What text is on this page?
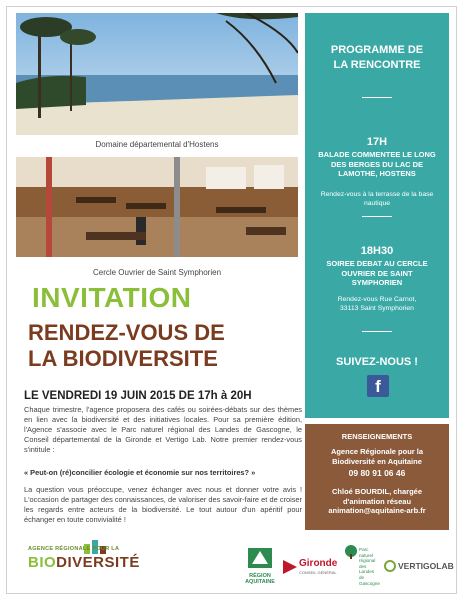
Domaine départemental d'Hostens
Cercle Ouvrier de Saint Symphorien
INVITATION
RENDEZ-VOUS DE
LA BIODIVERSITE
LE VENDREDI 19 JUIN 2015 DE 17h à 20H
Chaque trimestre, l'agence proposera des cafés ou soirées-débats sur des thèmes en lien avec la biodiversité et des initiatives locales. Pour sa première édition, l'Agence s'associe avec le Parc naturel régional des Landes de Gascogne, le Conseil départemental de la Gironde et Vertigo Lab. Notre premier rendez-vous s'intitule :
« Peut-on (ré)concilier écologie et économie sur nos territoires? »
La question vous préoccupe, venez échanger avec nous et donner votre avis ! L'occasion de partager des connaissances, de valoriser des savoir-faire et de croiser les regards entre acteurs de la biodiversité. Le tout autour d'un apéritif pour échanger en toute convivialité !
AGENCE RÉGIONALE POUR LA
BIODIVERSITÉ
PROGRAMME DE
LA RENCONTRE
17H
BALADE COMMENTEE LE LONG DES BERGES DU LAC DE LAMOTHE, HOSTENS
Rendez-vous à la terrasse de la base nautique
18H30
SOIREE DEBAT AU CERCLE OUVRIER DE SAINT SYMPHORIEN
Rendez-vous Rue Carnot,
33113 Saint Symphorien
SUIVEZ-NOUS !
f
RENSEIGNEMENTS
Agence Régionale pour la Biodiversité en Aquitaine
09 80 91 06 46
Chloé BOURDIL, chargée d'animation réseau animation@aquitaine-arb.fr
RÉGION
AQUITAINE
Gironde
CONSEIL GÉNÉRAL
Parc
naturel
régional
des Landes
de Gascogne
VERTIGOLAB
